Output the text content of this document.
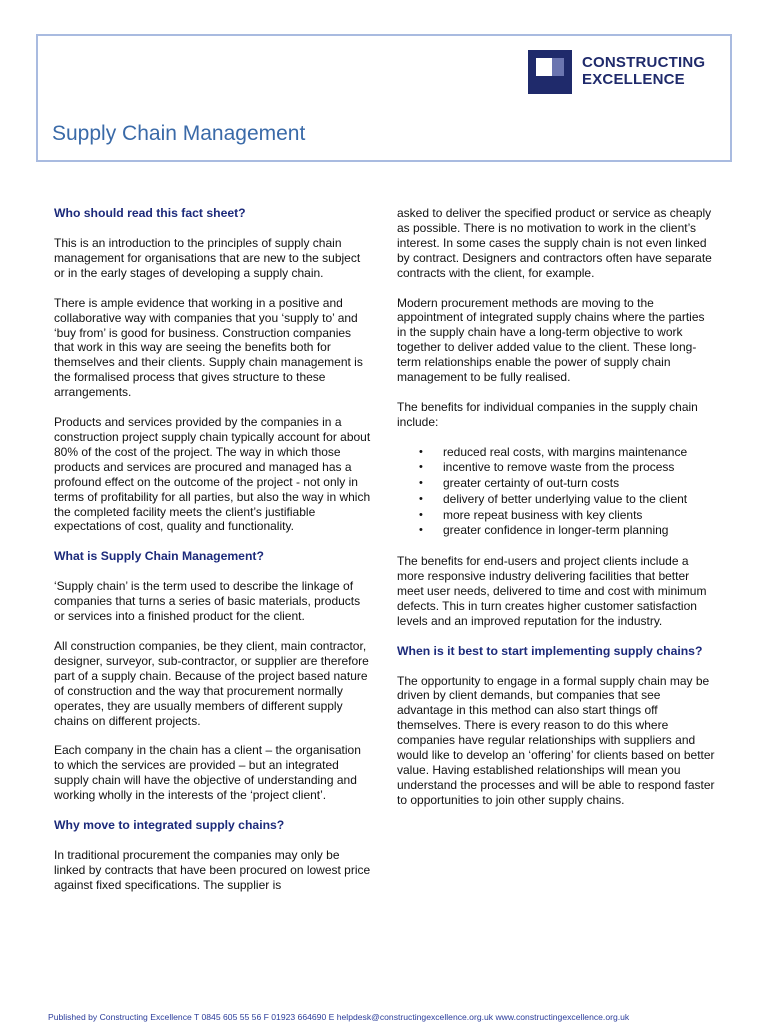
CONSTRUCTING
EXCELLENCE
Supply Chain Management
Who should read this fact sheet?

This is an introduction to the principles of supply chain management for organisations that are new to the subject or in the early stages of developing a supply chain.

There is ample evidence that working in a positive and collaborative way with companies that you ‘supply to’ and ‘buy from’ is good for business. Construction companies that work in this way are seeing the benefits both for themselves and their clients. Supply chain management is the formalised process that gives structure to these arrangements.

Products and services provided by the companies in a construction project supply chain typically account for about 80% of the cost of the project. The way in which those products and services are procured and managed has a profound effect on the outcome of the project - not only in terms of profitability for all parties, but also the way in which the completed facility meets the client’s justifiable expectations of cost, quality and functionality.

What is Supply Chain Management?

‘Supply chain’ is the term used to describe the linkage of companies that turns a series of basic materials, products or services into a finished product for the client.

All construction companies, be they client, main contractor, designer, surveyor, sub-contractor, or supplier are therefore part of a supply chain. Because of the project based nature of construction and the way that procurement normally operates, they are usually members of different supply chains on different projects.

Each company in the chain has a client – the organisation to which the services are provided – but an integrated supply chain will have the objective of understanding and working wholly in the interests of the ‘project client’.

Why move to integrated supply chains?

In traditional procurement the companies may only be linked by contracts that have been procured on lowest price against fixed specifications. The supplier is

asked to deliver the specified product or service as cheaply as possible. There is no motivation to work in the client’s interest. In some cases the supply chain is not even linked by contract. Designers and contractors often have separate contracts with the client, for example.

Modern procurement methods are moving to the appointment of integrated supply chains where the parties in the supply chain have a long-term objective to work together to deliver added value to the client. These long-term relationships enable the power of supply chain management to be fully realised.

The benefits for individual companies in the supply chain include:

• reduced real costs, with margins maintenance
• incentive to remove waste from the process
• greater certainty of out-turn costs
• delivery of better underlying value to the client
• more repeat business with key clients
• greater confidence in longer-term planning

The benefits for end-users and project clients include a more responsive industry delivering facilities that better meet user needs, delivered to time and cost with minimum defects. This in turn creates higher customer satisfaction levels and an improved reputation for the industry.

When is it best to start implementing supply chains?

The opportunity to engage in a formal supply chain may be driven by client demands, but companies that see advantage in this method can also start things off themselves. There is every reason to do this where companies have regular relationships with suppliers and would like to develop an ‘offering’ for clients based on better value. Having established relationships will mean you understand the processes and will be able to respond faster to opportunities to join other supply chains.

Published by Constructing Excellence T 0845 605 55 56 F 01923 664690 E helpdesk@constructingexcellence.org.uk www.constructingexcellence.org.uk
